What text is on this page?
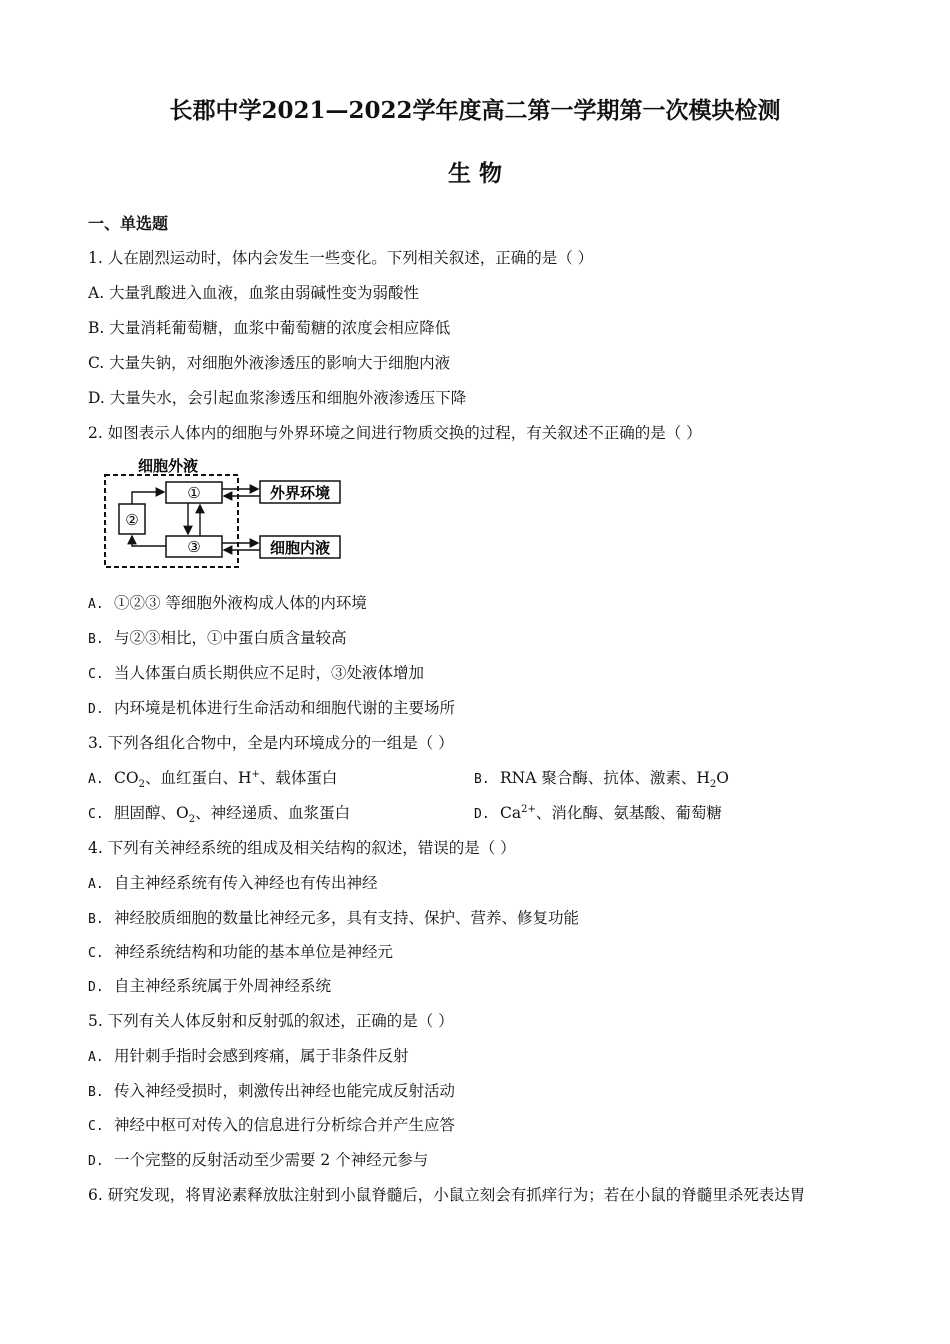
长郡中学2021—2022学年度高二第一学期第一次模块检测
生 物
一、单选题
1. 人在剧烈运动时，体内会发生一些变化。下列相关叙述，正确的是（ ）
A. 大量乳酸进入血液，血浆由弱碱性变为弱酸性
B. 大量消耗葡萄糖，血浆中葡萄糖的浓度会相应降低
C. 大量失钠，对细胞外液渗透压的影响大于细胞内液
D. 大量失水，会引起血浆渗透压和细胞外液渗透压下降
2. 如图表示人体内的细胞与外界环境之间进行物质交换的过程，有关叙述不正确的是（ ）
细胞外液
①
②
③
外界环境
细胞内液
A. ①②③ 等细胞外液构成人体的内环境
B. 与②③相比，①中蛋白质含量较高
C. 当人体蛋白质长期供应不足时，③处液体增加
D. 内环境是机体进行生命活动和细胞代谢的主要场所
3. 下列各组化合物中，全是内环境成分的一组是（ ）
A. $CO_2$、血红蛋白、H+、载体蛋白	B. RNA 聚合酶、抗体、激素、$H_2O$
C. 胆固醇、$O_2$、神经递质、血浆蛋白	D. $Ca^{2+}$、消化酶、氨基酸、葡萄糖
4. 下列有关神经系统的组成及相关结构的叙述，错误的是（ ）
A. 自主神经系统有传入神经也有传出神经
B. 神经胶质细胞的数量比神经元多，具有支持、保护、营养、修复功能
C. 神经系统结构和功能的基本单位是神经元
D. 自主神经系统属于外周神经系统
5. 下列有关人体反射和反射弧的叙述，正确的是（ ）
A. 用针刺手指时会感到疼痛，属于非条件反射
B. 传入神经受损时，刺激传出神经也能完成反射活动
C. 神经中枢可对传入的信息进行分析综合并产生应答
D. 一个完整的反射活动至少需要 2 个神经元参与
6. 研究发现，将胃泌素释放肽注射到小鼠脊髓后，小鼠立刻会有抓痒行为；若在小鼠的脊髓里杀死表达胃
